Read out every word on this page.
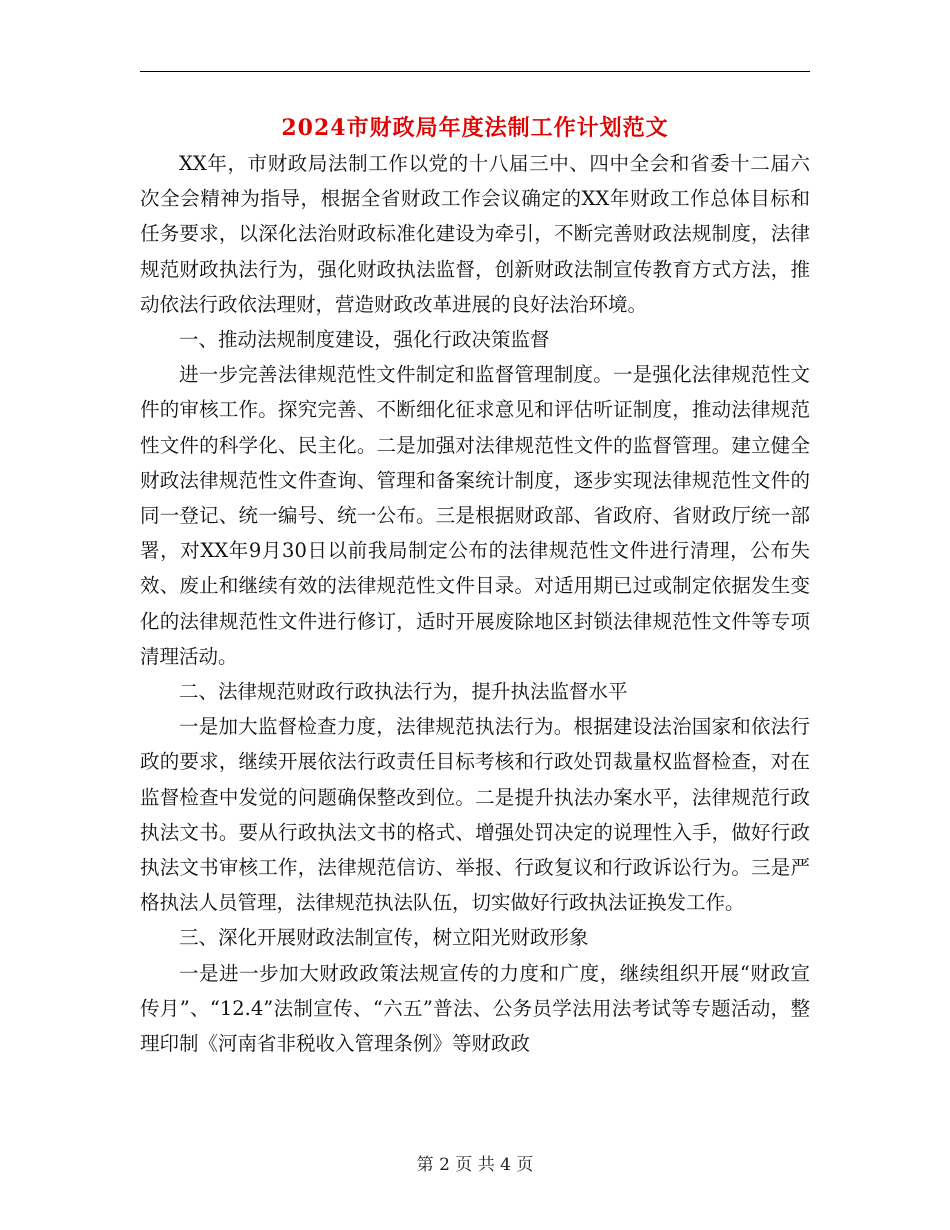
2024市财政局年度法制工作计划范文

XX年，市财政局法制工作以党的十八届三中、四中全会和省委十二届六次全会精神为指导，根据全省财政工作会议确定的XX年财政工作总体目标和任务要求，以深化法治财政标准化建设为牵引，不断完善财政法规制度，法律规范财政执法行为，强化财政执法监督，创新财政法制宣传教育方式方法，推动依法行政依法理财，营造财政改革进展的良好法治环境。

一、推动法规制度建设，强化行政决策监督

进一步完善法律规范性文件制定和监督管理制度。一是强化法律规范性文件的审核工作。探究完善、不断细化征求意见和评估听证制度，推动法律规范性文件的科学化、民主化。二是加强对法律规范性文件的监督管理。建立健全财政法律规范性文件查询、管理和备案统计制度，逐步实现法律规范性文件的同一登记、统一编号、统一公布。三是根据财政部、省政府、省财政厅统一部署，对XX年9月30日以前我局制定公布的法律规范性文件进行清理，公布失效、废止和继续有效的法律规范性文件目录。对适用期已过或制定依据发生变化的法律规范性文件进行修订，适时开展废除地区封锁法律规范性文件等专项清理活动。

二、法律规范财政行政执法行为，提升执法监督水平

一是加大监督检查力度，法律规范执法行为。根据建设法治国家和依法行政的要求，继续开展依法行政责任目标考核和行政处罚裁量权监督检查，对在监督检查中发觉的问题确保整改到位。二是提升执法办案水平，法律规范行政执法文书。要从行政执法文书的格式、增强处罚决定的说理性入手，做好行政执法文书审核工作，法律规范信访、举报、行政复议和行政诉讼行为。三是严格执法人员管理，法律规范执法队伍，切实做好行政执法证换发工作。

三、深化开展财政法制宣传，树立阳光财政形象

一是进一步加大财政政策法规宣传的力度和广度，继续组织开展“财政宣传月”、“12.4”法制宣传、“六五”普法、公务员学法用法考试等专题活动，整理印制《河南省非税收入管理条例》等财政政

第 2 页 共 4 页
